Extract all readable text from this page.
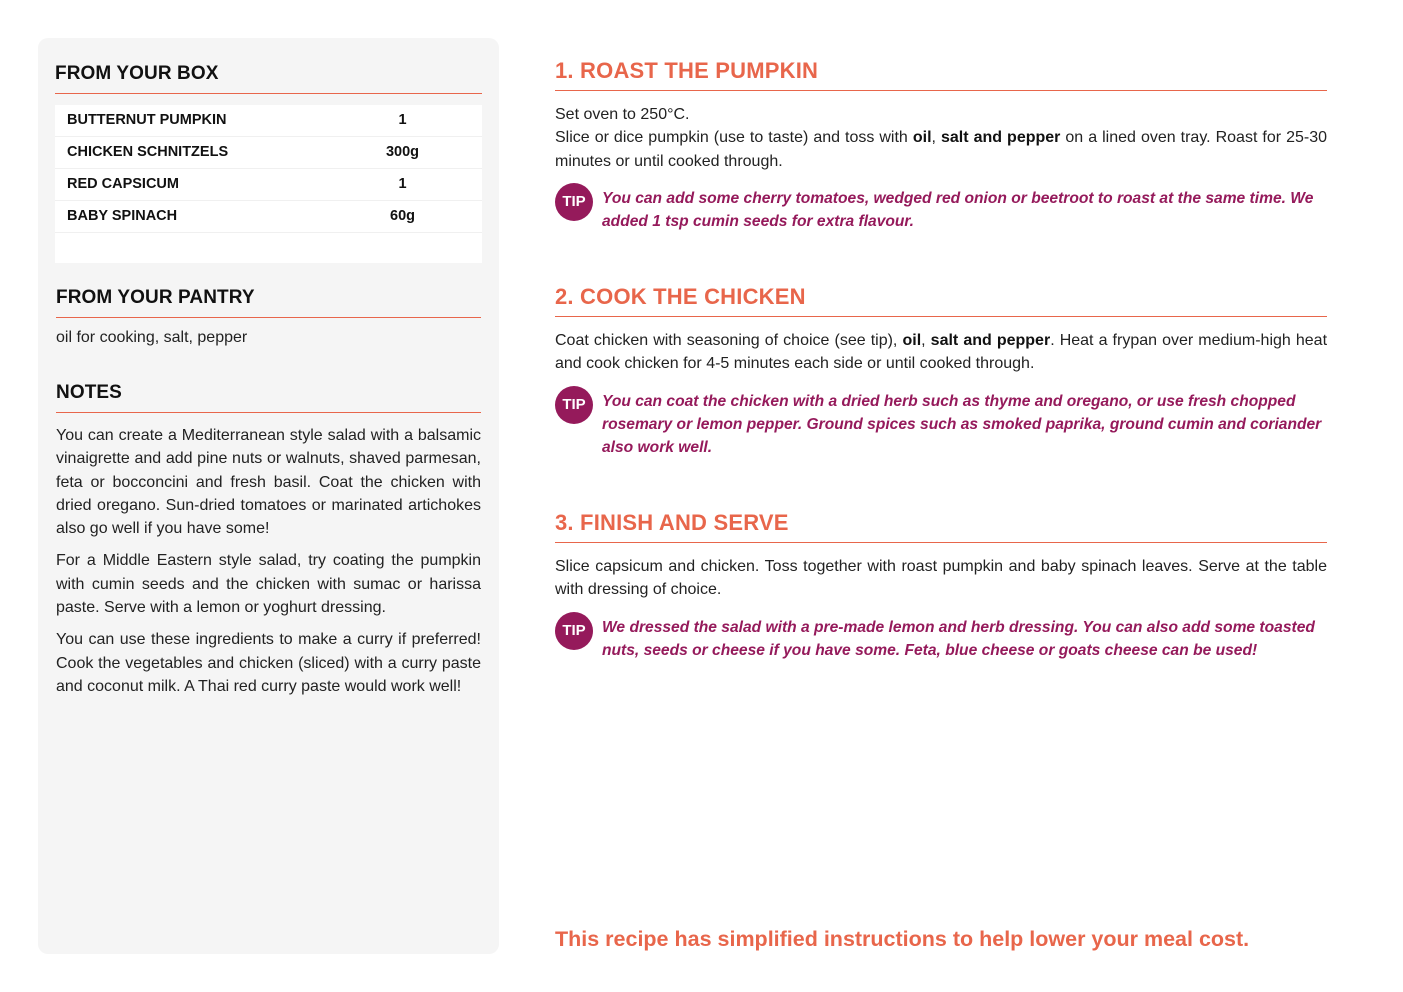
FROM YOUR BOX
BUTTERNUT PUMPKIN	1
CHICKEN SCHNITZELS	300g
RED CAPSICUM	1
BABY SPINACH	60g
FROM YOUR PANTRY
oil for cooking, salt, pepper
NOTES

You can create a Mediterranean style salad with a balsamic vinaigrette and add pine nuts or walnuts, shaved parmesan, feta or bocconcini and fresh basil. Coat the chicken with dried oregano. Sun-dried tomatoes or marinated artichokes also go well if you have some!

For a Middle Eastern style salad, try coating the pumpkin with cumin seeds and the chicken with sumac or harissa paste. Serve with a lemon or yoghurt dressing.

You can use these ingredients to make a curry if preferred! Cook the vegetables and chicken (sliced) with a curry paste and coconut milk. A Thai red curry paste would work well!

1. ROAST THE PUMPKIN
Set oven to 250°C.
Slice or dice pumpkin (use to taste) and toss with oil, salt and pepper on a lined oven tray. Roast for 25-30 minutes or until cooked through.
TIP	You can add some cherry tomatoes, wedged red onion or beetroot to roast at the same time. We added 1 tsp cumin seeds for extra flavour.
2. COOK THE CHICKEN
Coat chicken with seasoning of choice (see tip), oil, salt and pepper. Heat a frypan over medium-high heat and cook chicken for 4-5 minutes each side or until cooked through.
TIP	You can coat the chicken with a dried herb such as thyme and oregano, or use fresh chopped rosemary or lemon pepper. Ground spices such as smoked paprika, ground cumin and coriander also work well.
3. FINISH AND SERVE
Slice capsicum and chicken. Toss together with roast pumpkin and baby spinach leaves. Serve at the table with dressing of choice.
TIP	We dressed the salad with a pre-made lemon and herb dressing. You can also add some toasted nuts, seeds or cheese if you have some. Feta, blue cheese or goats cheese can be used!
This recipe has simplified instructions to help lower your meal cost.
